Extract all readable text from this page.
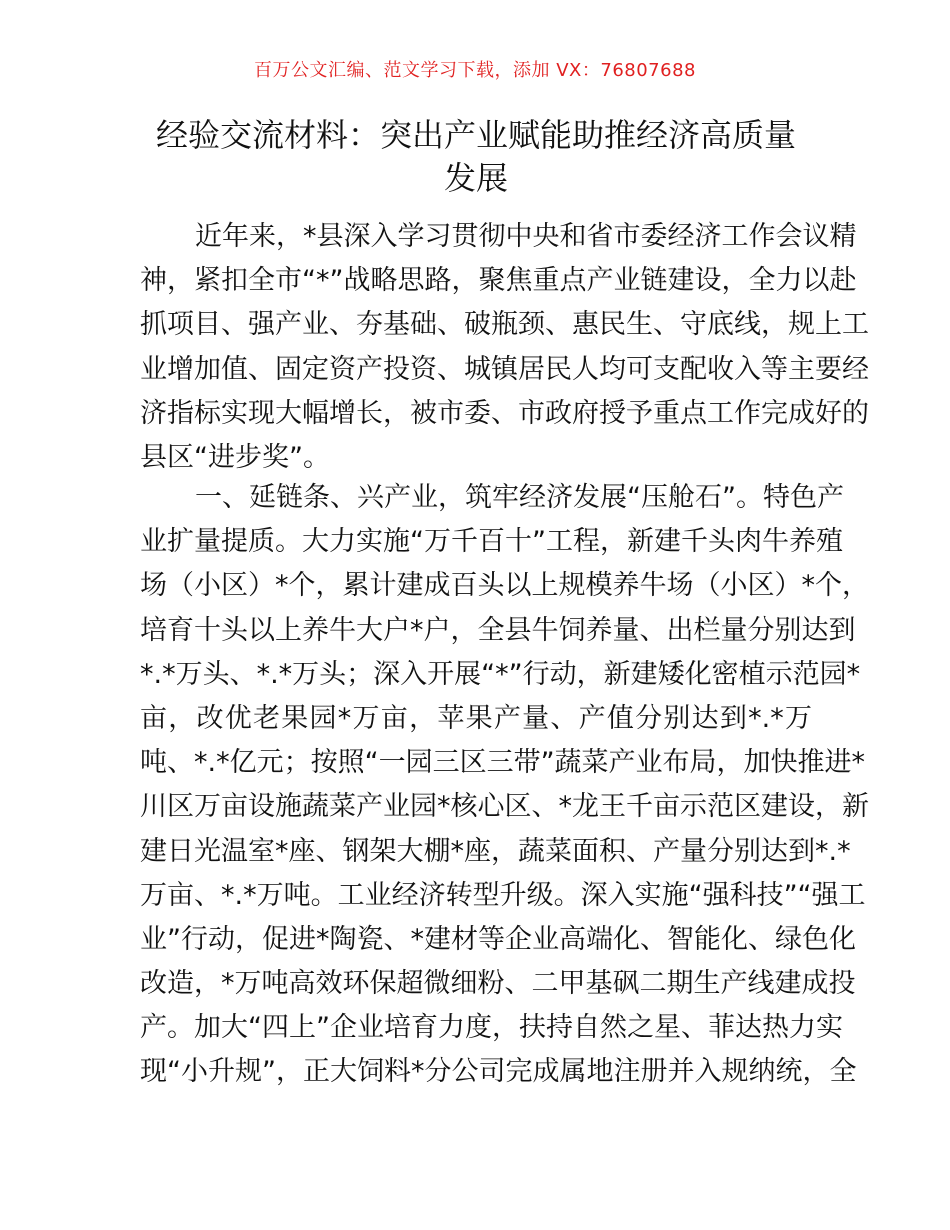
百万公文汇编、范文学习下载，添加 VX：76807688
经验交流材料：突出产业赋能助推经济高质量
发展
近年来，*县深入学习贯彻中央和省市委经济工作会议精
神，紧扣全市“*”战略思路，聚焦重点产业链建设，全力以赴
抓项目、强产业、夯基础、破瓶颈、惠民生、守底线，规上工
业增加值、固定资产投资、城镇居民人均可支配收入等主要经
济指标实现大幅增长，被市委、市政府授予重点工作完成好的
县区“进步奖”。
一、延链条、兴产业，筑牢经济发展“压舱石”。特色产
业扩量提质。大力实施“万千百十”工程，新建千头肉牛养殖
场（小区）*个，累计建成百头以上规模养牛场（小区）*个，
培育十头以上养牛大户*户，全县牛饲养量、出栏量分别达到
*.*万头、*.*万头；深入开展“*”行动，新建矮化密植示范园*
亩，改优老果园*万亩，苹果产量、产值分别达到*.*万
吨、*.*亿元；按照“一园三区三带”蔬菜产业布局，加快推进*
川区万亩设施蔬菜产业园*核心区、*龙王千亩示范区建设，新
建日光温室*座、钢架大棚*座，蔬菜面积、产量分别达到*.*
万亩、*.*万吨。工业经济转型升级。深入实施“强科技”“强工
业”行动，促进*陶瓷、*建材等企业高端化、智能化、绿色化
改造，*万吨高效环保超微细粉、二甲基砜二期生产线建成投
产。加大“四上”企业培育力度，扶持自然之星、菲达热力实
现“小升规”，正大饲料*分公司完成属地注册并入规纳统，全
